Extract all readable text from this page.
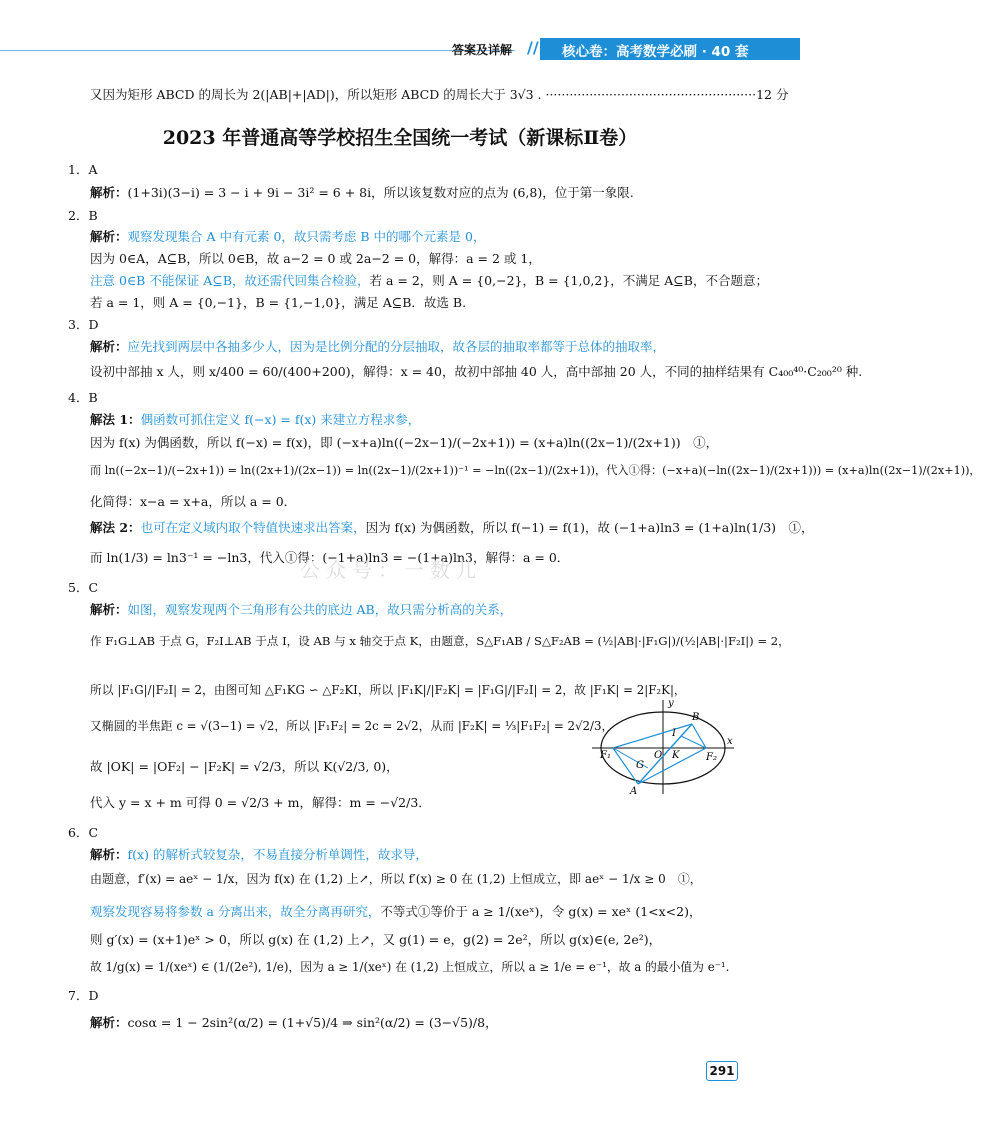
答案及详解 // 核心卷：高考数学必刷 · 40 套
又因为矩形 ABCD 的周长为 2(|AB|+|AD|)，所以矩形 ABCD 的周长大于 3√3 . ·····················································12 分
2023 年普通高等学校招生全国统一考试（新课标Ⅱ卷）
1．A
解析：(1+3i)(3−i) = 3 − i + 9i − 3i² = 6 + 8i，所以该复数对应的点为 (6,8)，位于第一象限.
2．B
解析：观察发现集合 A 中有元素 0，故只需考虑 B 中的哪个元素是 0，
因为 0∈A，A⊆B，所以 0∈B，故 a−2 = 0 或 2a−2 = 0，解得：a = 2 或 1，
注意 0∈B 不能保证 A⊆B，故还需代回集合检验，若 a = 2，则 A = {0,−2}，B = {1,0,2}，不满足 A⊆B，不合题意；
若 a = 1，则 A = {0,−1}，B = {1,−1,0}，满足 A⊆B．故选 B.
3．D
解析：应先找到两层中各抽多少人，因为是比例分配的分层抽取，故各层的抽取率都等于总体的抽取率，
设初中部抽 x 人，则 x/400 = 60/(400+200)，解得：x = 40，故初中部抽 40 人，高中部抽 20 人，不同的抽样结果有 C₄₀₀⁴⁰·C₂₀₀²⁰ 种.
4．B
解法 1：偶函数可抓住定义 f(−x) = f(x) 来建立方程求参，
因为 f(x) 为偶函数，所以 f(−x) = f(x)，即 (−x+a)ln((−2x−1)/(−2x+1)) = (x+a)ln((2x−1)/(2x+1))　①，
而 ln((−2x−1)/(−2x+1)) = ln((2x+1)/(2x−1)) = ln((2x−1)/(2x+1))⁻¹ = −ln((2x−1)/(2x+1))，代入①得：(−x+a)(−ln((2x−1)/(2x+1))) = (x+a)ln((2x−1)/(2x+1))，
化简得：x−a = x+a，所以 a = 0．
解法 2：也可在定义域内取个特值快速求出答案，因为 f(x) 为偶函数，所以 f(−1) = f(1)，故 (−1+a)ln3 = (1+a)ln(1/3)　①，
而 ln(1/3) = ln3⁻¹ = −ln3，代入①得：(−1+a)ln3 = −(1+a)ln3，解得：a = 0．
公众号：一数儿
5．C
解析：如图，观察发现两个三角形有公共的底边 AB，故只需分析高的关系，
作 F₁G⊥AB 于点 G，F₂I⊥AB 于点 I，设 AB 与 x 轴交于点 K，由题意，S△F₁AB / S△F₂AB = (½|AB|·|F₁G|)/(½|AB|·|F₂I|) = 2，
所以 |F₁G|/|F₂I| = 2，由图可知 △F₁KG ∽ △F₂KI，所以 |F₁K|/|F₂K| = |F₁G|/|F₂I| = 2，故 |F₁K| = 2|F₂K|，
又椭圆的半焦距 c = √(3−1) = √2，所以 |F₁F₂| = 2c = 2√2，从而 |F₂K| = ⅓|F₁F₂| = 2√2/3，
故 |OK| = |OF₂| − |F₂K| = √2/3，所以 K(√2/3, 0)，
代入 y = x + m 可得 0 = √2/3 + m，解得：m = −√2/3．
y
x
B
I
F₁	O K	F₂
G
A
6．C
解析：f(x) 的解析式较复杂，不易直接分析单调性，故求导，
由题意，f′(x) = aeˣ − 1/x，因为 f(x) 在 (1,2) 上↗，所以 f′(x) ≥ 0 在 (1,2) 上恒成立，即 aeˣ − 1/x ≥ 0　①，
观察发现容易将参数 a 分离出来，故全分离再研究，不等式①等价于 a ≥ 1/(xeˣ)，令 g(x) = xeˣ (1<x<2)，
则 g′(x) = (x+1)eˣ > 0，所以 g(x) 在 (1,2) 上↗，又 g(1) = e，g(2) = 2e²，所以 g(x)∈(e, 2e²)，
故 1/g(x) = 1/(xeˣ) ∈ (1/(2e²), 1/e)，因为 a ≥ 1/(xeˣ) 在 (1,2) 上恒成立，所以 a ≥ 1/e = e⁻¹，故 a 的最小值为 e⁻¹.
7．D
解析：cosα = 1 − 2sin²(α/2) = (1+√5)/4 ⇒ sin²(α/2) = (3−√5)/8，
291
